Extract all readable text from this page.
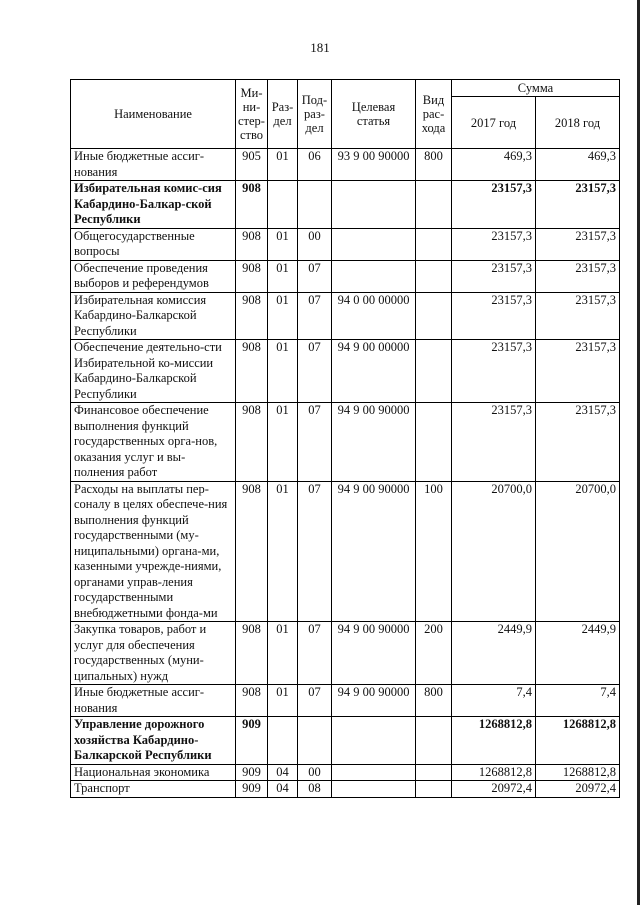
181
Наименование	Ми-
ни-
стер-
ство	Раз-
дел	Под-
раз-
дел	Целевая
статья	Вид
рас-
хода	Сумма	
						2017 год	2018 год
Иные бюджетные ассиг-нования	905	01	06	93 9 00 90000	800	469,3	469,3
Избирательная комис-сия Кабардино-Балкар-ской Республики	908					23157,3	23157,3
Общегосударственные вопросы	908	01	00			23157,3	23157,3
Обеспечение проведения выборов и референдумов	908	01	07			23157,3	23157,3
Избирательная комиссия Кабардино-Балкарской Республики	908	01	07	94 0 00 00000		23157,3	23157,3
Обеспечение деятельно-сти Избирательной ко-миссии Кабардино-Балкарской Республики	908	01	07	94 9 00 00000		23157,3	23157,3
Финансовое обеспечение выполнения функций государственных орга-нов, оказания услуг и вы-полнения работ	908	01	07	94 9 00 90000		23157,3	23157,3
Расходы на выплаты пер-соналу в целях обеспече-ния выполнения функций государственными (му-ниципальными) органа-ми, казенными учрежде-ниями, органами управ-ления государственными внебюджетными фонда-ми	908	01	07	94 9 00 90000	100	20700,0	20700,0
Закупка товаров, работ и услуг для обеспечения государственных (муни-ципальных) нужд	908	01	07	94 9 00 90000	200	2449,9	2449,9
Иные бюджетные ассиг-нования	908	01	07	94 9 00 90000	800	7,4	7,4
Управление дорожного хозяйства Кабардино-Балкарской Республики	909					1268812,8	1268812,8
Национальная экономика	909	04	00			1268812,8	1268812,8
Транспорт	909	04	08			20972,4	20972,4
